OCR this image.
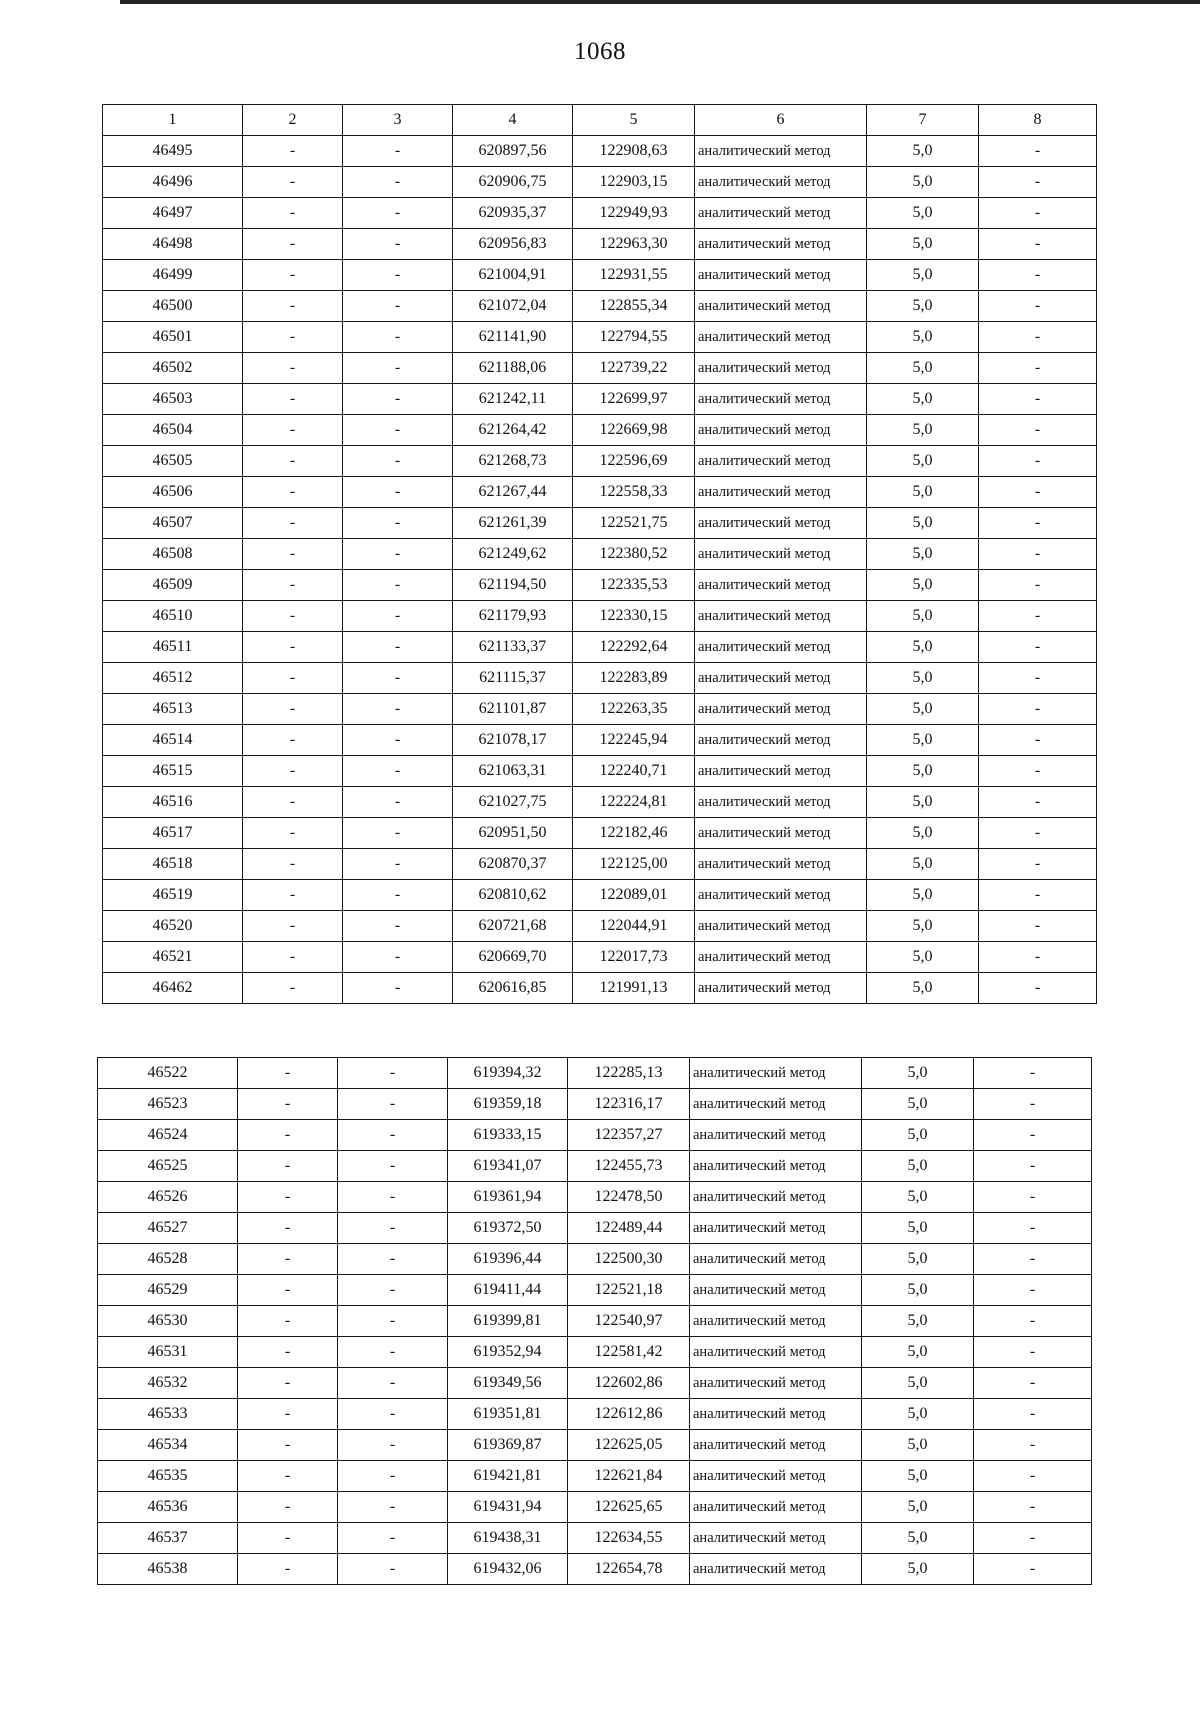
1068
1	2	3	4	5	6	7	8
46495	-	-	620897,56	122908,63	аналитический метод	5,0	-
46496	-	-	620906,75	122903,15	аналитический метод	5,0	-
46497	-	-	620935,37	122949,93	аналитический метод	5,0	-
46498	-	-	620956,83	122963,30	аналитический метод	5,0	-
46499	-	-	621004,91	122931,55	аналитический метод	5,0	-
46500	-	-	621072,04	122855,34	аналитический метод	5,0	-
46501	-	-	621141,90	122794,55	аналитический метод	5,0	-
46502	-	-	621188,06	122739,22	аналитический метод	5,0	-
46503	-	-	621242,11	122699,97	аналитический метод	5,0	-
46504	-	-	621264,42	122669,98	аналитический метод	5,0	-
46505	-	-	621268,73	122596,69	аналитический метод	5,0	-
46506	-	-	621267,44	122558,33	аналитический метод	5,0	-
46507	-	-	621261,39	122521,75	аналитический метод	5,0	-
46508	-	-	621249,62	122380,52	аналитический метод	5,0	-
46509	-	-	621194,50	122335,53	аналитический метод	5,0	-
46510	-	-	621179,93	122330,15	аналитический метод	5,0	-
46511	-	-	621133,37	122292,64	аналитический метод	5,0	-
46512	-	-	621115,37	122283,89	аналитический метод	5,0	-
46513	-	-	621101,87	122263,35	аналитический метод	5,0	-
46514	-	-	621078,17	122245,94	аналитический метод	5,0	-
46515	-	-	621063,31	122240,71	аналитический метод	5,0	-
46516	-	-	621027,75	122224,81	аналитический метод	5,0	-
46517	-	-	620951,50	122182,46	аналитический метод	5,0	-
46518	-	-	620870,37	122125,00	аналитический метод	5,0	-
46519	-	-	620810,62	122089,01	аналитический метод	5,0	-
46520	-	-	620721,68	122044,91	аналитический метод	5,0	-
46521	-	-	620669,70	122017,73	аналитический метод	5,0	-
46462	-	-	620616,85	121991,13	аналитический метод	5,0	-
46522	-	-	619394,32	122285,13	аналитический метод	5,0	-
46523	-	-	619359,18	122316,17	аналитический метод	5,0	-
46524	-	-	619333,15	122357,27	аналитический метод	5,0	-
46525	-	-	619341,07	122455,73	аналитический метод	5,0	-
46526	-	-	619361,94	122478,50	аналитический метод	5,0	-
46527	-	-	619372,50	122489,44	аналитический метод	5,0	-
46528	-	-	619396,44	122500,30	аналитический метод	5,0	-
46529	-	-	619411,44	122521,18	аналитический метод	5,0	-
46530	-	-	619399,81	122540,97	аналитический метод	5,0	-
46531	-	-	619352,94	122581,42	аналитический метод	5,0	-
46532	-	-	619349,56	122602,86	аналитический метод	5,0	-
46533	-	-	619351,81	122612,86	аналитический метод	5,0	-
46534	-	-	619369,87	122625,05	аналитический метод	5,0	-
46535	-	-	619421,81	122621,84	аналитический метод	5,0	-
46536	-	-	619431,94	122625,65	аналитический метод	5,0	-
46537	-	-	619438,31	122634,55	аналитический метод	5,0	-
46538	-	-	619432,06	122654,78	аналитический метод	5,0	-
